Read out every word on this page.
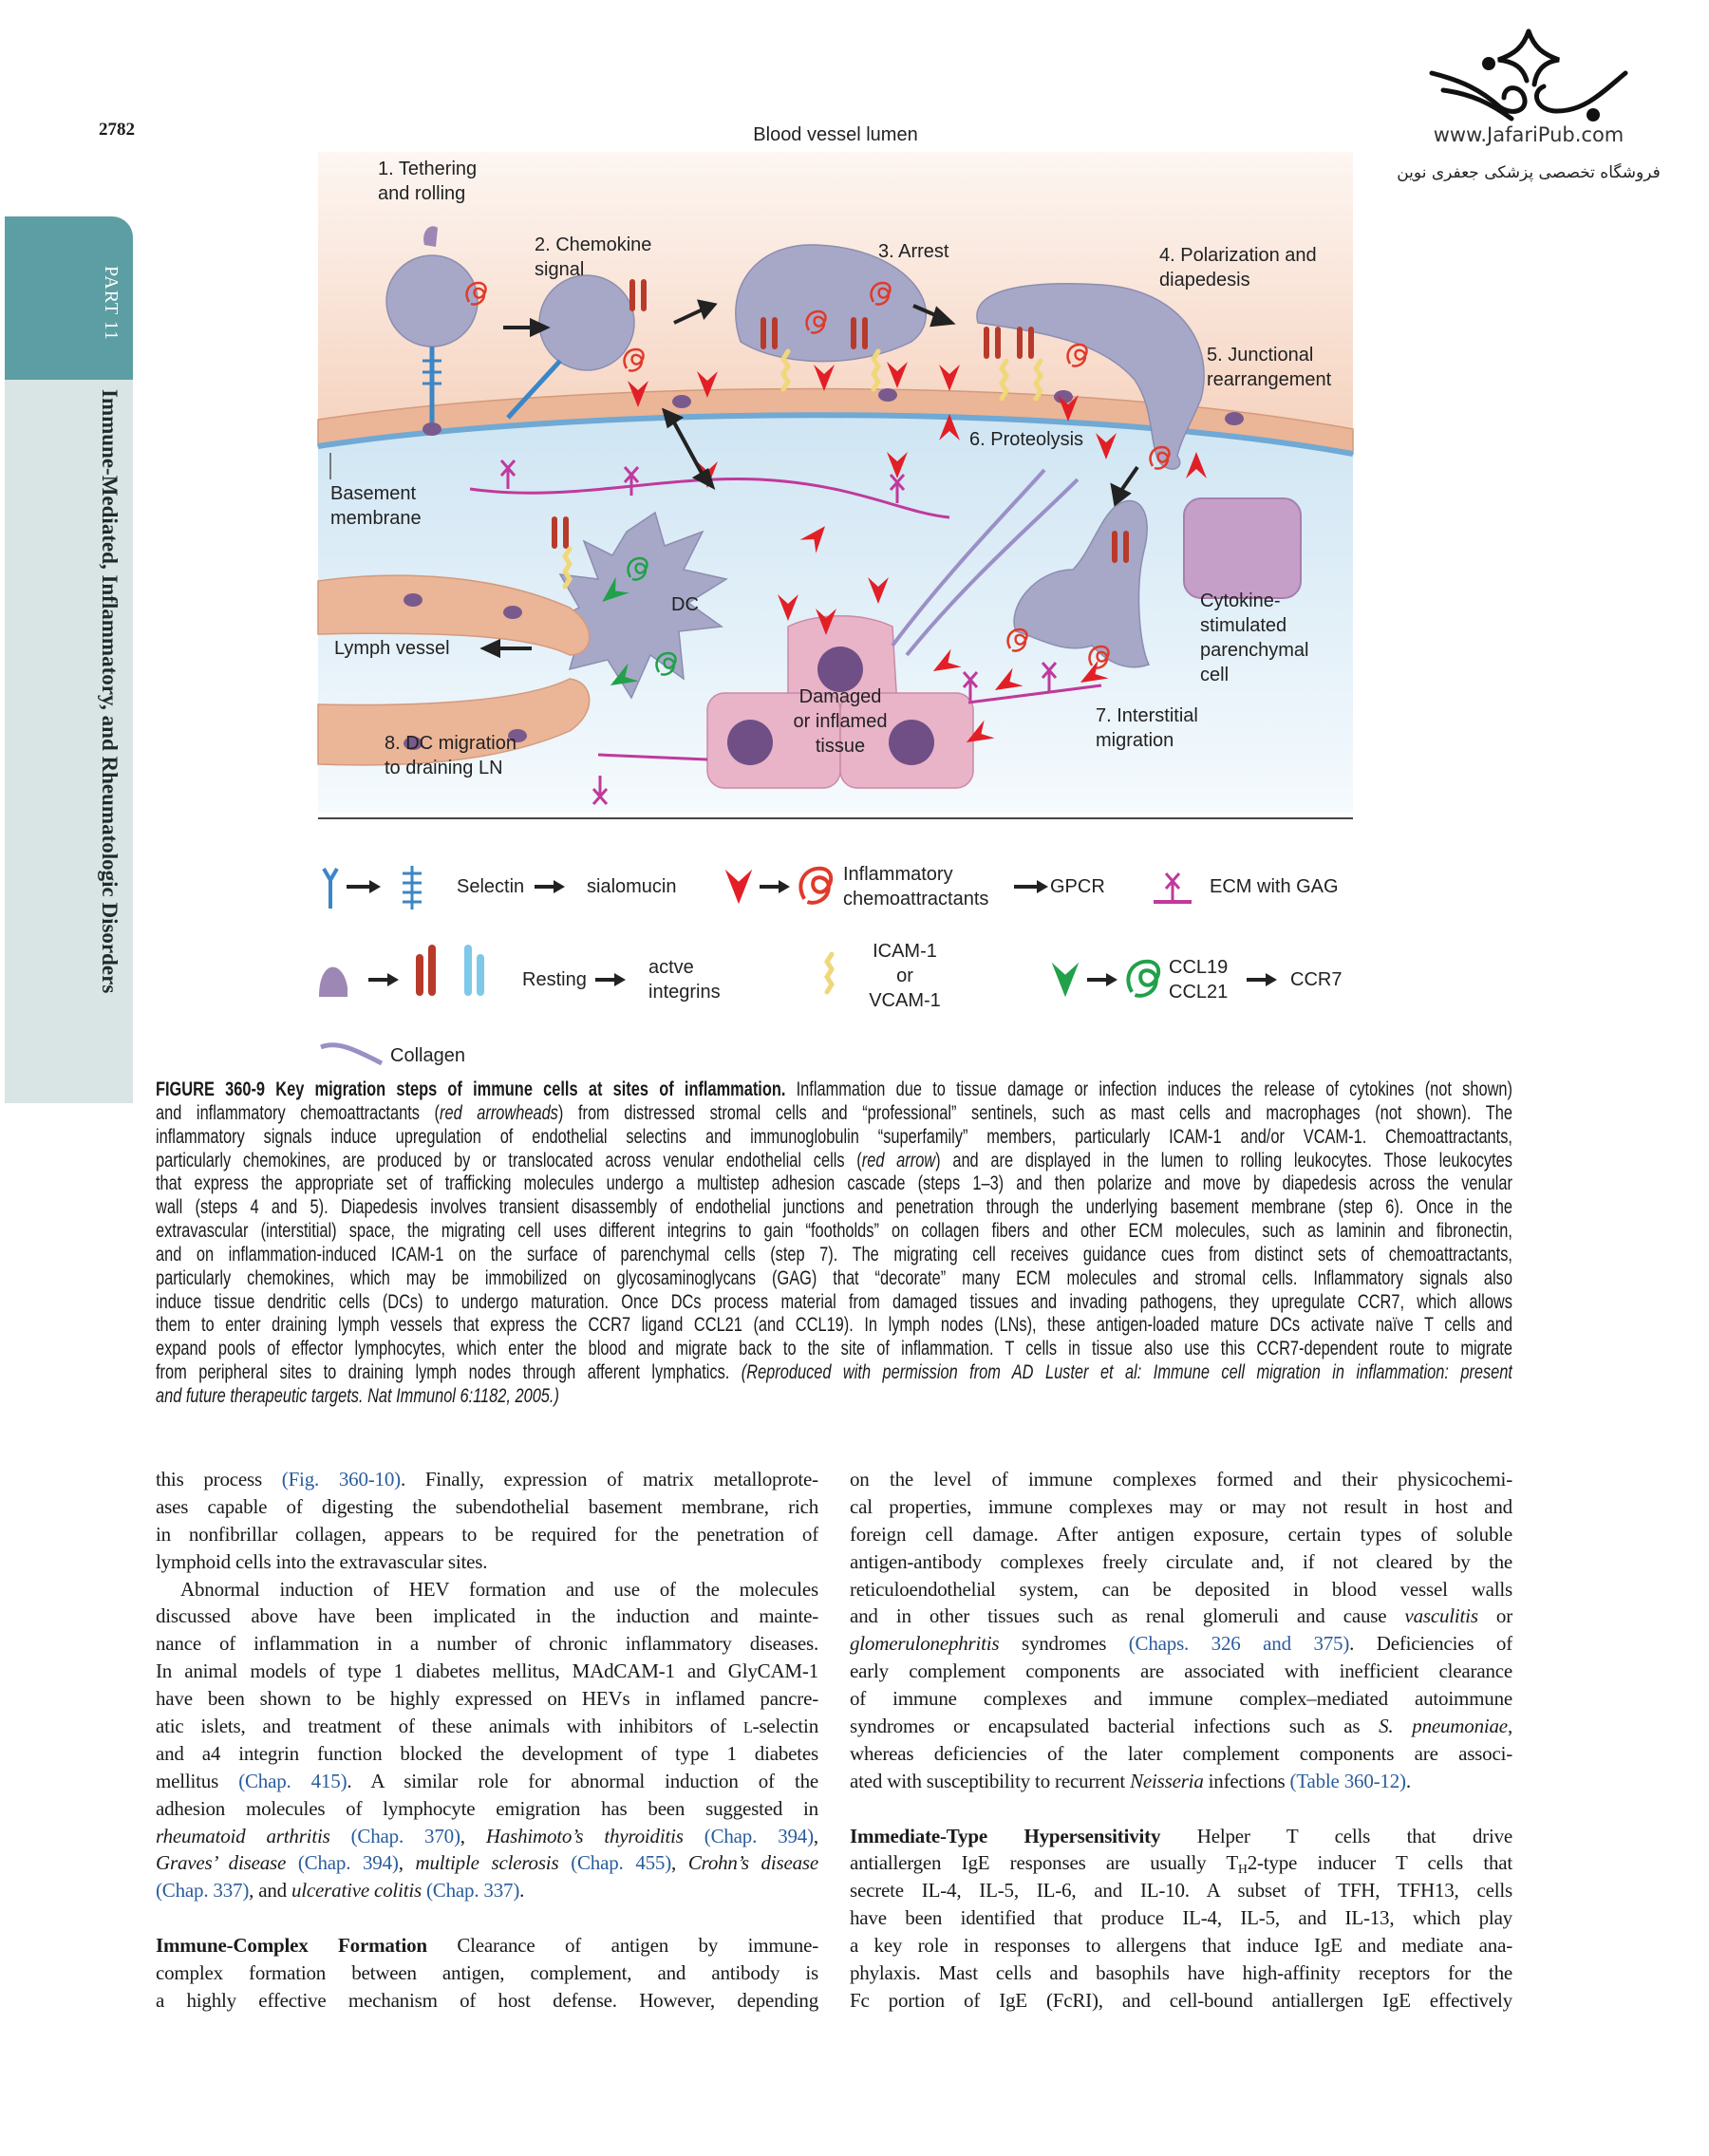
2782	www.JafariPub.com
فروشگاه تخصصی پزشکی جعفری نوین
PART 11
Immune-Mediated, Inflammatory, and Rheumatologic Disorders
Blood vessel lumen
1. Tethering
and rolling
2. Chemokine
signal
3. Arrest	4. Polarization and
diapedesis
5. Junctional
rearrangement
6. Proteolysis
Basement
membrane
DC
Lymph vessel
Damaged
or inflamed
tissue
Cytokine-
stimulated
parenchymal
cell
7. Interstitial
migration
8. DC migration
to draining LN
Selectin	sialomucin
Inflammatory
chemoattractants
GPCR	ECM with GAG
Resting
actve
integrins
ICAM-1
or
VCAM-1
CCL19
CCL21
CCR7
Collagen
FIGURE 360-9 Key migration steps of immune cells at sites of inflammation. Inflammation due to tissue damage or infection induces the release of cytokines (not shown)
and inflammatory chemoattractants (red arrowheads) from distressed stromal cells and “professional” sentinels, such as mast cells and macrophages (not shown). The
inflammatory signals induce upregulation of endothelial selectins and immunoglobulin “superfamily” members, particularly ICAM-1 and/or VCAM-1. Chemoattractants,
particularly chemokines, are produced by or translocated across venular endothelial cells (red arrow) and are displayed in the lumen to rolling leukocytes. Those leukocytes
that express the appropriate set of trafficking molecules undergo a multistep adhesion cascade (steps 1–3) and then polarize and move by diapedesis across the venular
wall (steps 4 and 5). Diapedesis involves transient disassembly of endothelial junctions and penetration through the underlying basement membrane (step 6). Once in the
extravascular (interstitial) space, the migrating cell uses different integrins to gain “footholds” on collagen fibers and other ECM molecules, such as laminin and fibronectin,
and on inflammation-induced ICAM-1 on the surface of parenchymal cells (step 7). The migrating cell receives guidance cues from distinct sets of chemoattractants,
particularly chemokines, which may be immobilized on glycosaminoglycans (GAG) that “decorate” many ECM molecules and stromal cells. Inflammatory signals also
induce tissue dendritic cells (DCs) to undergo maturation. Once DCs process material from damaged tissues and invading pathogens, they upregulate CCR7, which allows
them to enter draining lymph vessels that express the CCR7 ligand CCL21 (and CCL19). In lymph nodes (LNs), these antigen-loaded mature DCs activate naïve T cells and
expand pools of effector lymphocytes, which enter the blood and migrate back to the site of inflammation. T cells in tissue also use this CCR7-dependent route to migrate
from peripheral sites to draining lymph nodes through afferent lymphatics. (Reproduced with permission from AD Luster et al: Immune cell migration in inflammation: present
and future therapeutic targets. Nat Immunol 6:1182, 2005.)
this process (Fig. 360-10). Finally, expression of matrix metalloprote-
ases capable of digesting the subendothelial basement membrane, rich
in nonfibrillar collagen, appears to be required for the penetration of
lymphoid cells into the extravascular sites.
Abnormal induction of HEV formation and use of the molecules
discussed above have been implicated in the induction and mainte-
nance of inflammation in a number of chronic inflammatory diseases.
In animal models of type 1 diabetes mellitus, MAdCAM-1 and GlyCAM-1
have been shown to be highly expressed on HEVs in inflamed pancre-
atic islets, and treatment of these animals with inhibitors of L-selectin
and a4 integrin function blocked the development of type 1 diabetes
mellitus (Chap. 415). A similar role for abnormal induction of the
adhesion molecules of lymphocyte emigration has been suggested in
rheumatoid arthritis (Chap. 370), Hashimoto’s thyroiditis (Chap. 394),
Graves’ disease (Chap. 394), multiple sclerosis (Chap. 455), Crohn’s disease
(Chap. 337), and ulcerative colitis (Chap. 337).

Immune-Complex Formation Clearance of antigen by immune-
complex formation between antigen, complement, and antibody is
a highly effective mechanism of host defense. However, depending
on the level of immune complexes formed and their physicochemi-
cal properties, immune complexes may or may not result in host and
foreign cell damage. After antigen exposure, certain types of soluble
antigen-antibody complexes freely circulate and, if not cleared by the
reticuloendothelial system, can be deposited in blood vessel walls
and in other tissues such as renal glomeruli and cause vasculitis or
glomerulonephritis syndromes (Chaps. 326 and 375). Deficiencies of
early complement components are associated with inefficient clearance
of immune complexes and immune complex–mediated autoimmune
syndromes or encapsulated bacterial infections such as S. pneumoniae,
whereas deficiencies of the later complement components are associ-
ated with susceptibility to recurrent Neisseria infections (Table 360-12).

Immediate-Type Hypersensitivity Helper T cells that drive
antiallergen IgE responses are usually $T_H2$-type inducer T cells that
secrete IL-4, IL-5, IL-6, and IL-10. A subset of TFH, TFH13, cells
have been identified that produce IL-4, IL-5, and IL-13, which play
a key role in responses to allergens that induce IgE and mediate ana-
phylaxis. Mast cells and basophils have high-affinity receptors for the
Fc portion of IgE (FcRI), and cell-bound antiallergen IgE effectively
